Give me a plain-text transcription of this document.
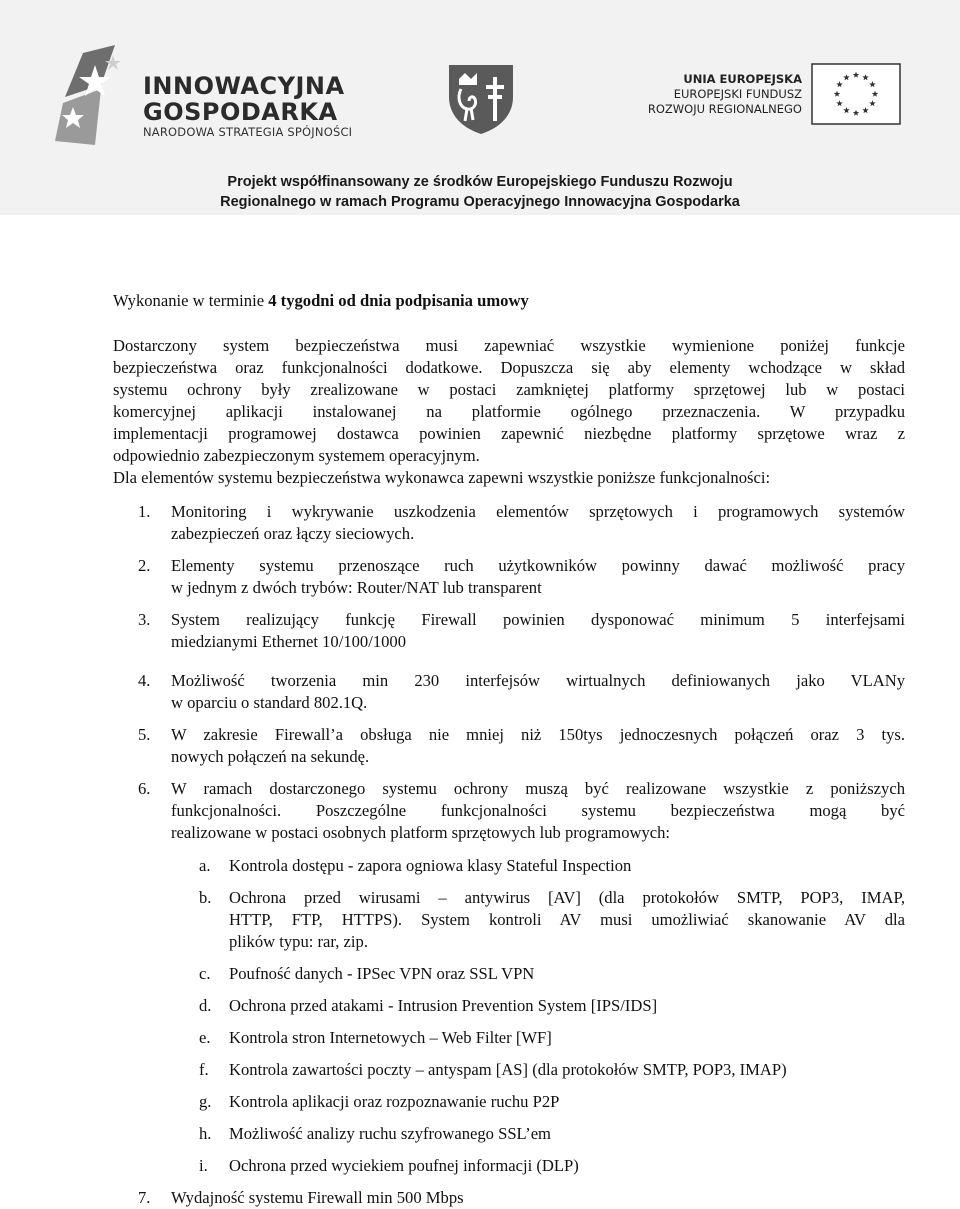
INNOWACYJNA
GOSPODARKA
NARODOWA STRATEGIA SPÓJNOŚCI
UNIA EUROPEJSKA
EUROPEJSKI FUNDUSZ
ROZWOJU REGIONALNEGO
Projekt współfinansowany ze środków Europejskiego Funduszu Rozwoju
Regionalnego w ramach Programu Operacyjnego Innowacyjna Gospodarka
Wykonanie w terminie 4 tygodni od dnia podpisania umowy
Dostarczony system bezpieczeństwa musi zapewniać wszystkie wymienione poniżej funkcje
bezpieczeństwa oraz funkcjonalności dodatkowe. Dopuszcza się aby elementy wchodzące w skład
systemu ochrony były zrealizowane w postaci zamkniętej platformy sprzętowej lub w postaci
komercyjnej aplikacji instalowanej na platformie ogólnego przeznaczenia. W przypadku
implementacji programowej dostawca powinien zapewnić niezbędne platformy sprzętowe wraz z
odpowiednio zabezpieczonym systemem operacyjnym.
Dla elementów systemu bezpieczeństwa wykonawca zapewni wszystkie poniższe funkcjonalności:
1. Monitoring i wykrywanie uszkodzenia elementów sprzętowych i programowych systemów
zabezpieczeń oraz łączy sieciowych.
2. Elementy systemu przenoszące ruch użytkowników powinny dawać możliwość pracy
w jednym z dwóch trybów: Router/NAT lub transparent
3. System realizujący funkcję Firewall powinien dysponować minimum 5 interfejsami
miedzianymi Ethernet 10/100/1000
4. Możliwość tworzenia min 230 interfejsów wirtualnych definiowanych jako VLANy
w oparciu o standard 802.1Q.
5. W zakresie Firewall’a obsługa nie mniej niż 150tys jednoczesnych połączeń oraz 3 tys.
nowych połączeń na sekundę.
6. W ramach dostarczonego systemu ochrony muszą być realizowane wszystkie z poniższych
funkcjonalności. Poszczególne funkcjonalności systemu bezpieczeństwa mogą być
realizowane w postaci osobnych platform sprzętowych lub programowych:
a. Kontrola dostępu - zapora ogniowa klasy Stateful Inspection
b. Ochrona przed wirusami – antywirus [AV] (dla protokołów SMTP, POP3, IMAP,
HTTP, FTP, HTTPS). System kontroli AV musi umożliwiać skanowanie AV dla
plików typu: rar, zip.
c. Poufność danych - IPSec VPN oraz SSL VPN
d. Ochrona przed atakami - Intrusion Prevention System [IPS/IDS]
e. Kontrola stron Internetowych – Web Filter [WF]
f. Kontrola zawartości poczty – antyspam [AS] (dla protokołów SMTP, POP3, IMAP)
g. Kontrola aplikacji oraz rozpoznawanie ruchu P2P
h. Możliwość analizy ruchu szyfrowanego SSL’em
i. Ochrona przed wyciekiem poufnej informacji (DLP)
7. Wydajność systemu Firewall min 500 Mbps
